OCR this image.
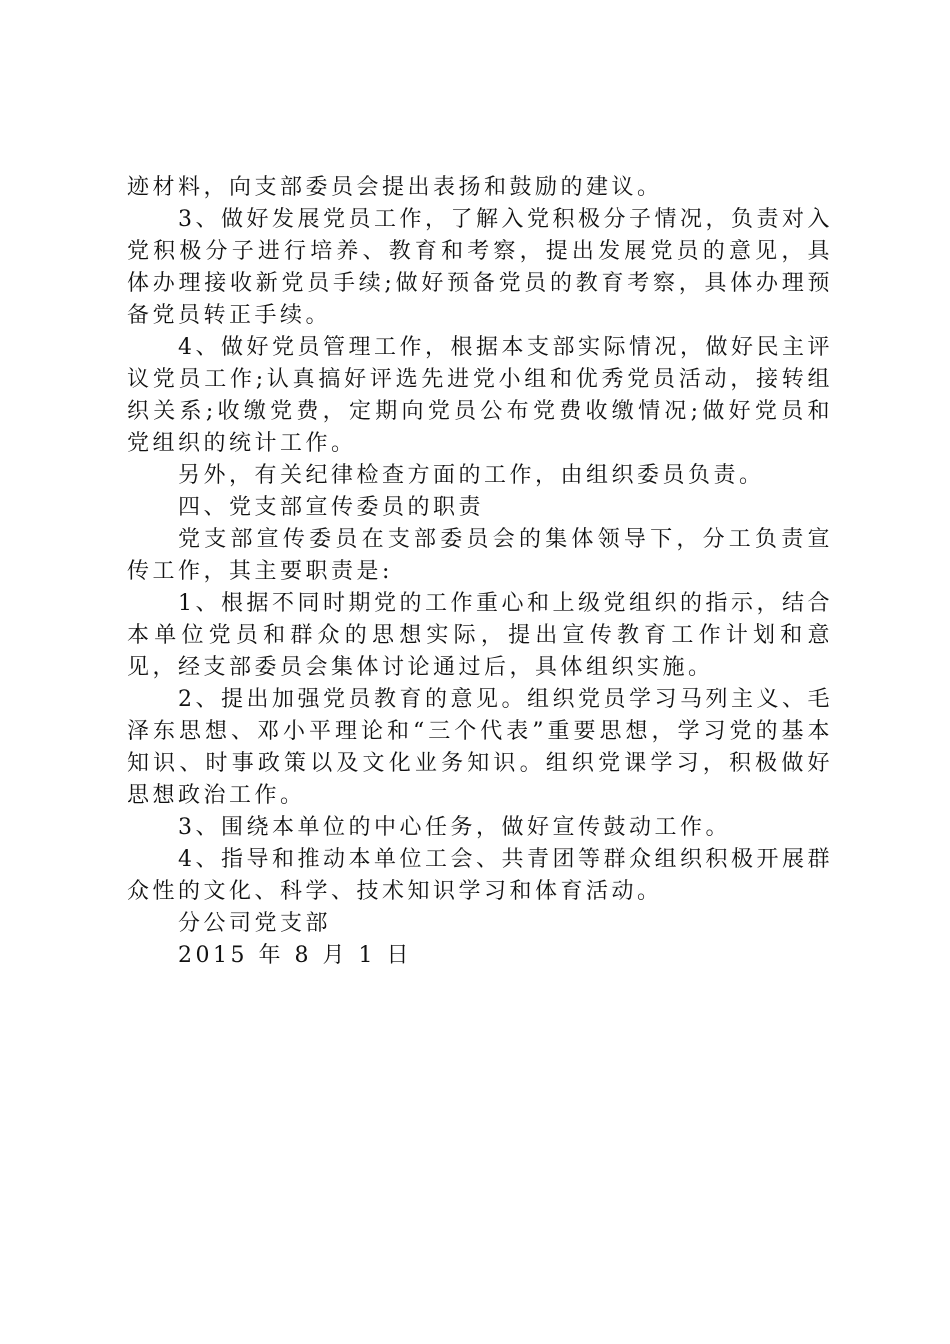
迹材料，向支部委员会提出表扬和鼓励的建议。

3、做好发展党员工作，了解入党积极分子情况，负责对入党积极分子进行培养、教育和考察，提出发展党员的意见，具体办理接收新党员手续;做好预备党员的教育考察，具体办理预备党员转正手续。

4、做好党员管理工作，根据本支部实际情况，做好民主评议党员工作;认真搞好评选先进党小组和优秀党员活动，接转组织关系;收缴党费，定期向党员公布党费收缴情况;做好党员和党组织的统计工作。

另外，有关纪律检查方面的工作，由组织委员负责。

四、党支部宣传委员的职责

党支部宣传委员在支部委员会的集体领导下，分工负责宣传工作，其主要职责是:

1、根据不同时期党的工作重心和上级党组织的指示，结合本单位党员和群众的思想实际，提出宣传教育工作计划和意见，经支部委员会集体讨论通过后，具体组织实施。

2、提出加强党员教育的意见。组织党员学习马列主义、毛泽东思想、邓小平理论和“三个代表”重要思想，学习党的基本知识、时事政策以及文化业务知识。组织党课学习，积极做好思想政治工作。

3、围绕本单位的中心任务，做好宣传鼓动工作。

4、指导和推动本单位工会、共青团等群众组织积极开展群众性的文化、科学、技术知识学习和体育活动。

分公司党支部

2015 年 8 月 1 日
